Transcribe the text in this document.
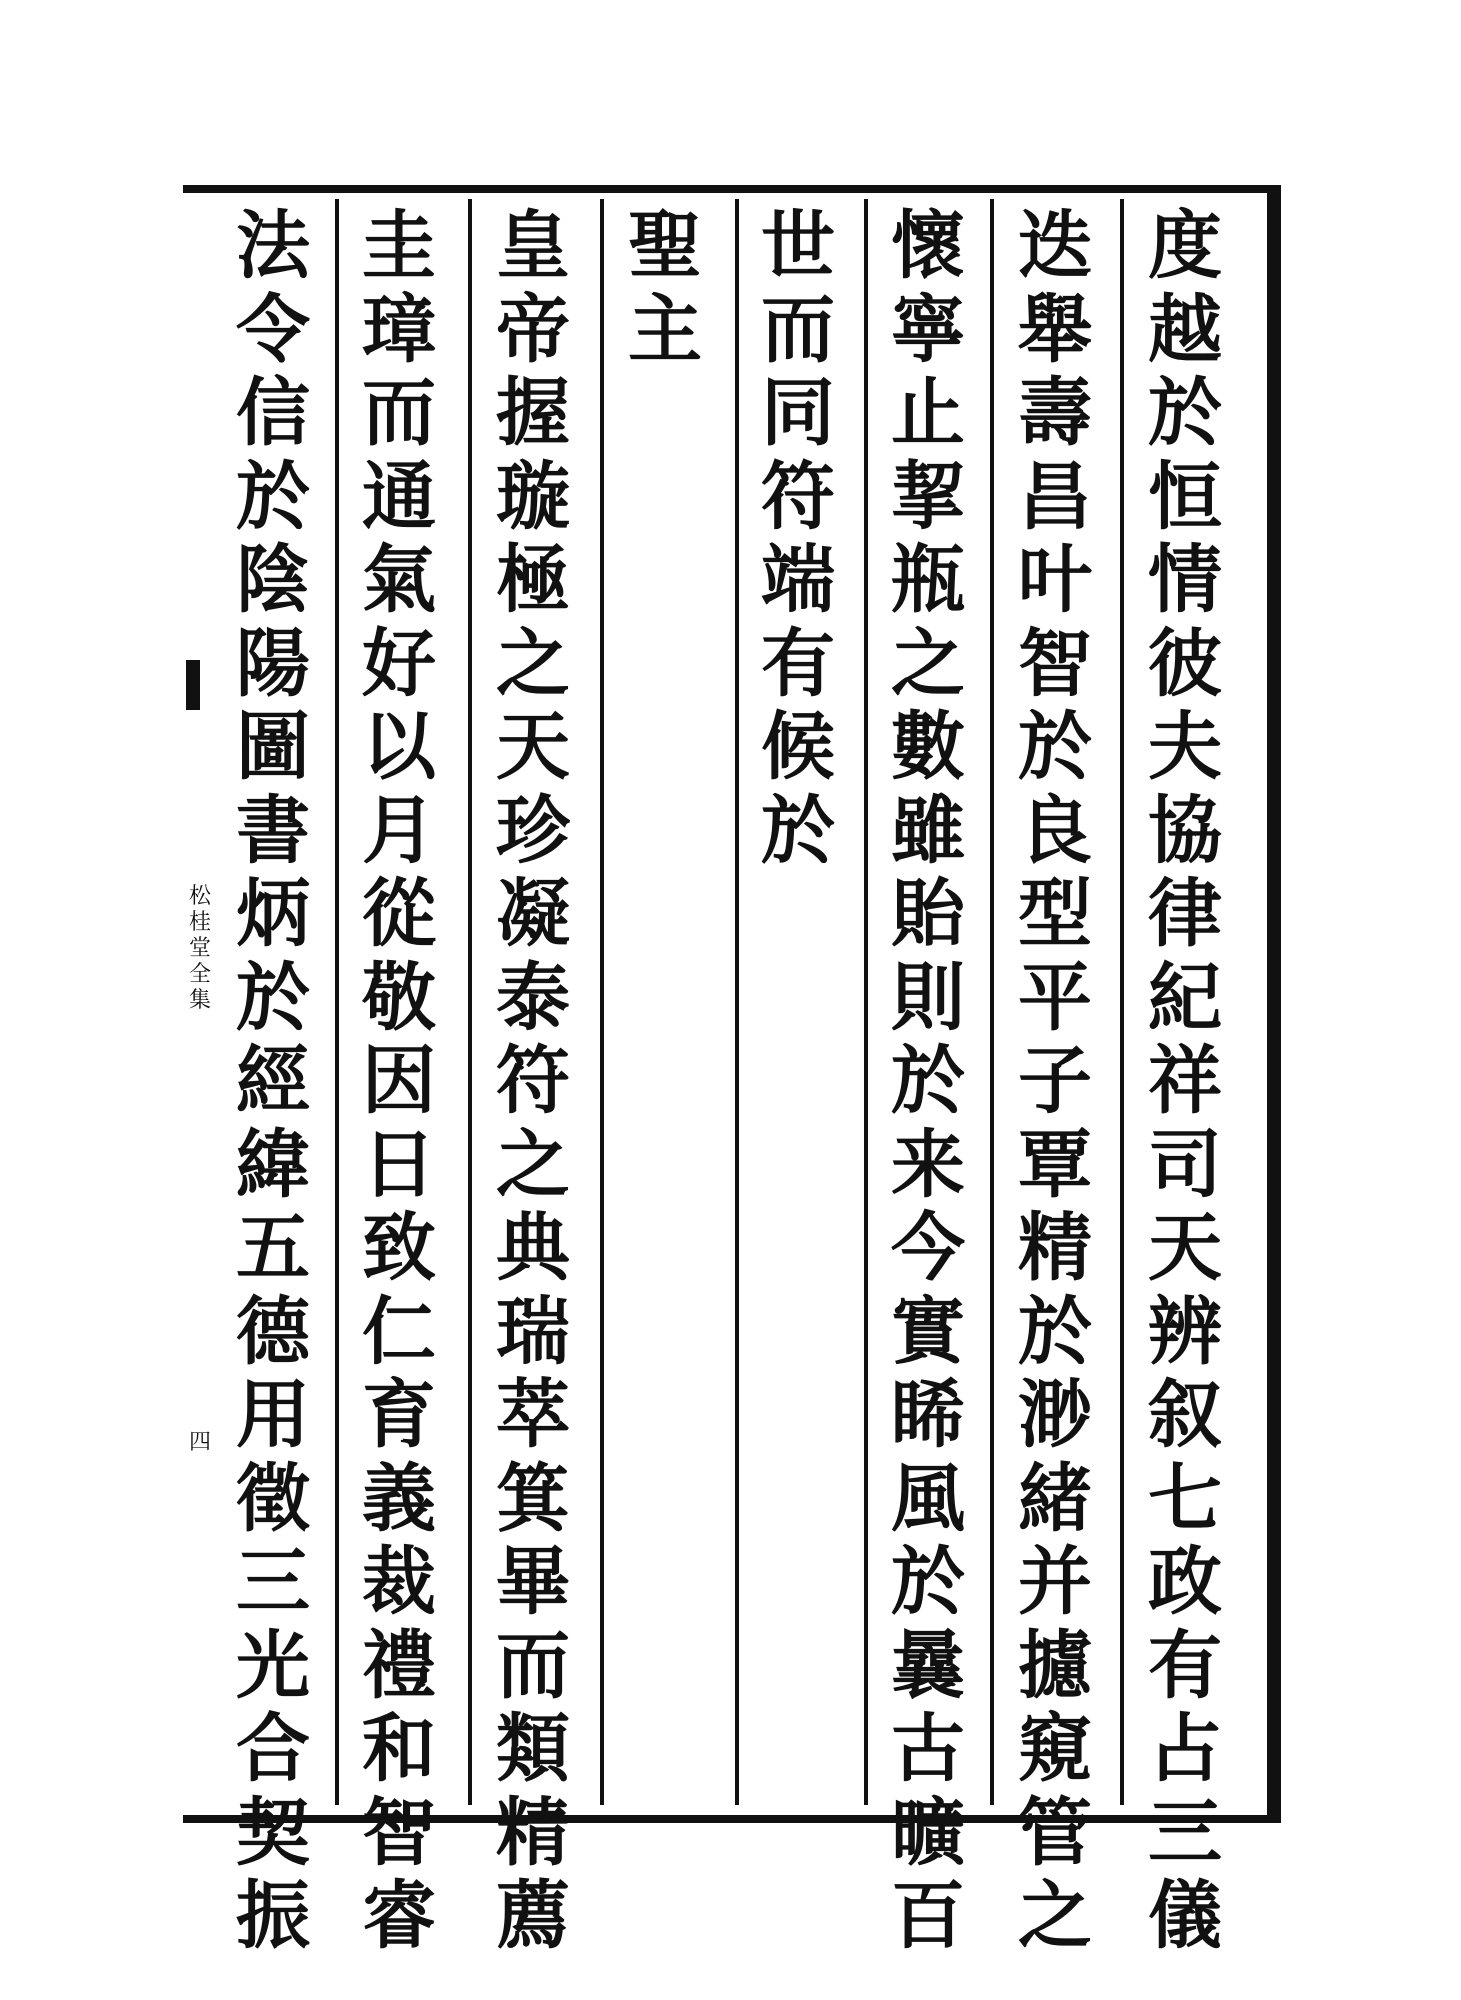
松
桂
堂
全
集
四
度
越
於
恒
情
彼
夫
協
律
紀
祥
司
天
辨
叙
七
政
有
占
三
儀
迭
舉
壽
昌
叶
智
於
良
型
平
子
覃
精
於
渺
緒
并
攄
窺
管
之
懷
寧
止
挈
瓶
之
數
雖
貽
則
於
来
今
實
睎
風
於
曩
古
曠
百
世
而
同
符
端
有
候
於
聖
主
皇
帝
握
璇
極
之
天
珍
凝
泰
符
之
典
瑞
萃
箕
畢
而
類
精
薦
圭
璋
而
通
氣
好
以
月
從
敬
因
日
致
仁
育
義
裁
禮
和
智
睿
法
令
信
於
陰
陽
圖
書
炳
於
經
緯
五
德
用
徵
三
光
合
契
振
